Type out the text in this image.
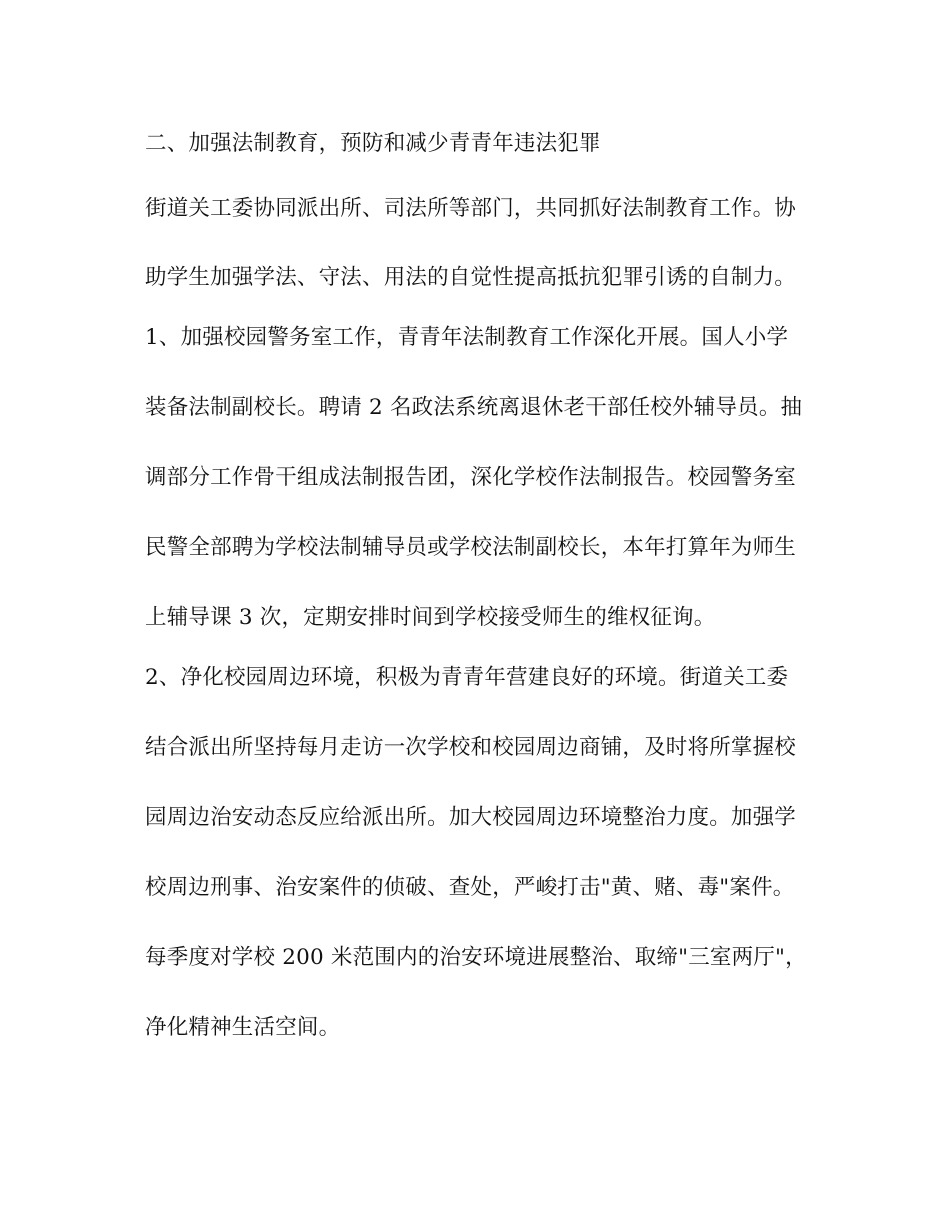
二、加强法制教育，预防和减少青青年违法犯罪
街道关工委协同派出所、司法所等部门，共同抓好法制教育工作。协
助学生加强学法、守法、用法的自觉性提高抵抗犯罪引诱的自制力。
1、加强校园警务室工作，青青年法制教育工作深化开展。国人小学
装备法制副校长。聘请 2 名政法系统离退休老干部任校外辅导员。抽
调部分工作骨干组成法制报告团，深化学校作法制报告。校园警务室
民警全部聘为学校法制辅导员或学校法制副校长，本年打算年为师生
上辅导课 3 次，定期安排时间到学校接受师生的维权征询。
2、净化校园周边环境，积极为青青年营建良好的环境。街道关工委
结合派出所坚持每月走访一次学校和校园周边商铺，及时将所掌握校
园周边治安动态反应给派出所。加大校园周边环境整治力度。加强学
校周边刑事、治安案件的侦破、查处，严峻打击"黄、赌、毒"案件。
每季度对学校 200 米范围内的治安环境进展整治、取缔"三室两厅"，
净化精神生活空间。
